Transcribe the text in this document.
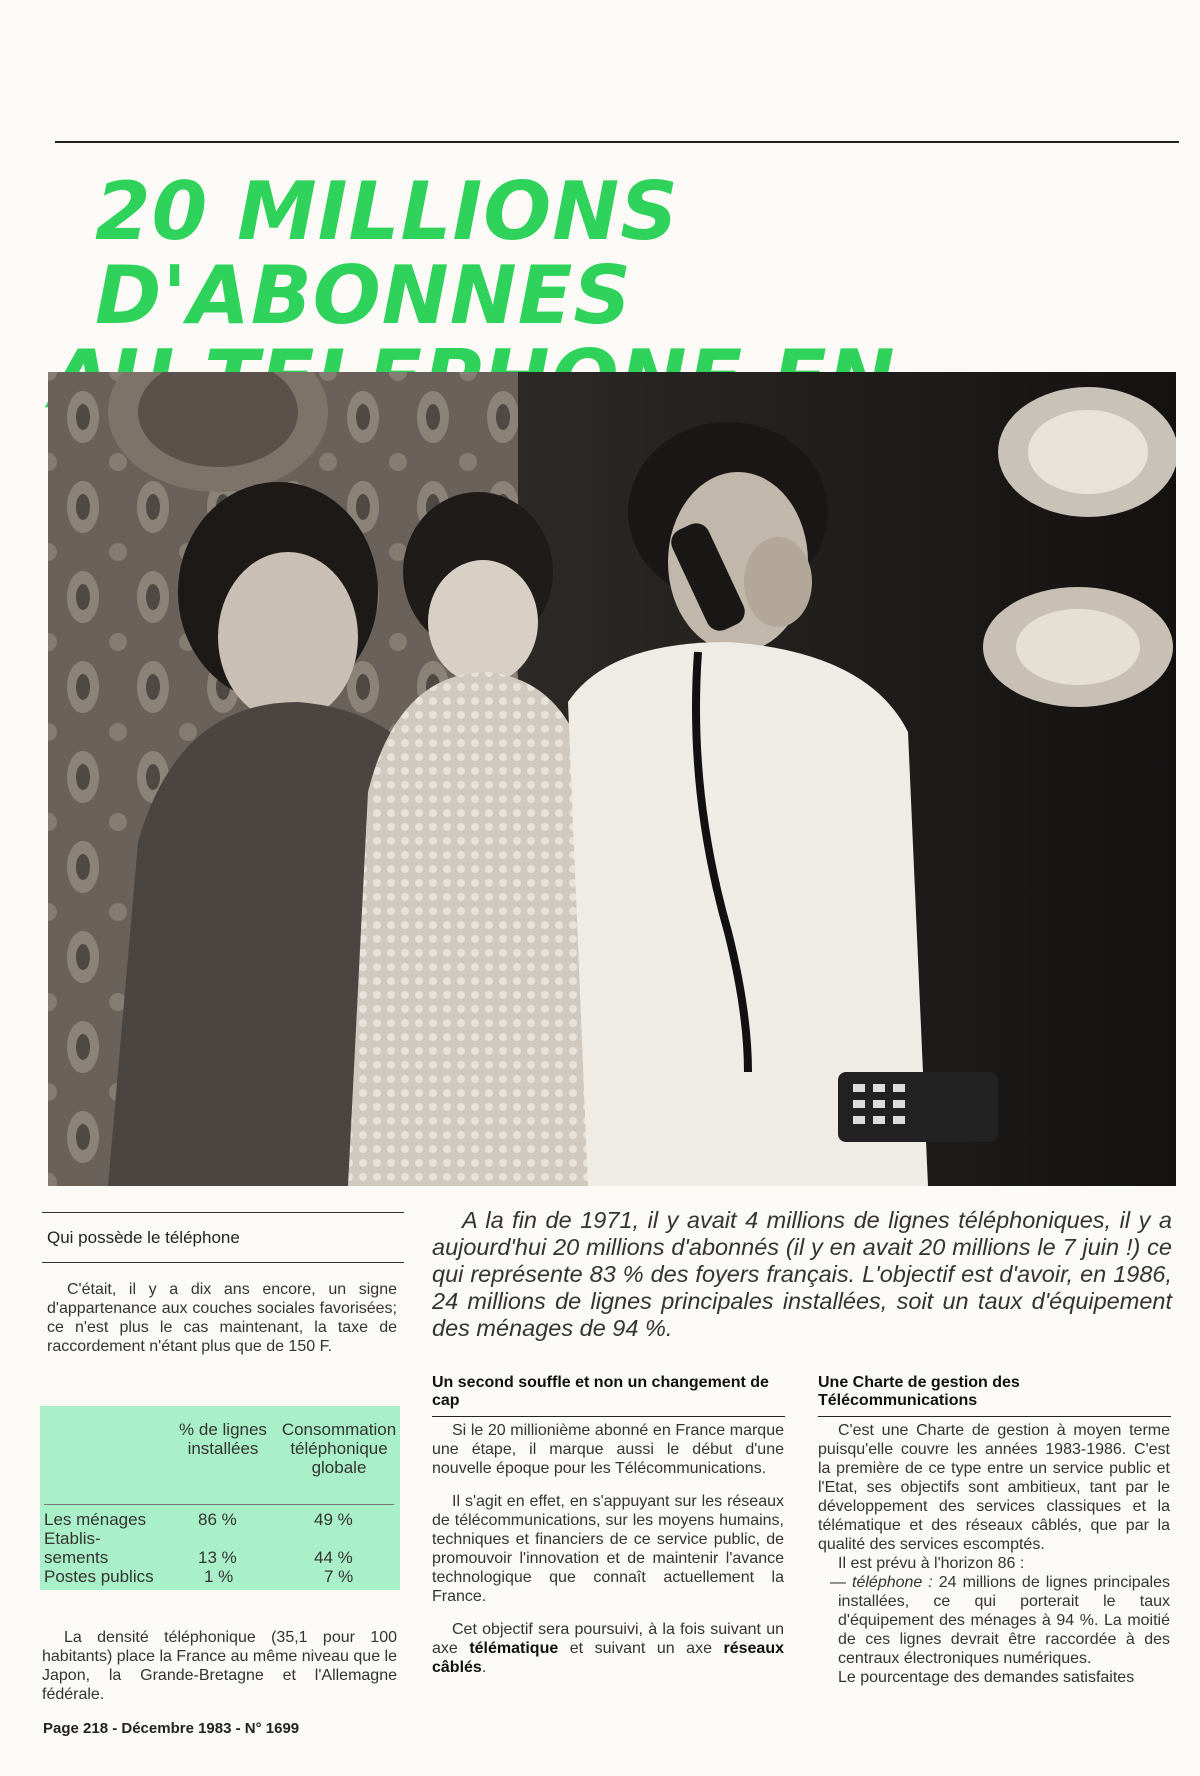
20 MILLIONS D'ABONNES
Qui possède le téléphone

C'était, il y a dix ans encore, un signe d'appartenance aux couches sociales favorisées; ce n'est plus le cas maintenant, la taxe de raccordement n'étant plus que de 150 F.

% de lignes installées
Consommation téléphonique globale
Les ménages	86 %	49 %
Etablis-
sements	13 %	44 %
Postes publics	1 %	7 %

La densité téléphonique (35,1 pour 100 habitants) place la France au même niveau que le Japon, la Grande-Bretagne et l'Allemagne fédérale.

Page 218 - Décembre 1983 - N° 1699
A la fin de 1971, il y avait 4 millions de lignes téléphoniques, il y a aujourd'hui 20 millions d'abonnés (il y en avait 20 millions le 7 juin !) ce qui représente 83 % des foyers français. L'objectif est d'avoir, en 1986, 24 millions de lignes principales installées, soit un taux d'équipement des ménages de 94 %.
Un second souffle et non un changement de cap

Si le 20 millionième abonné en France marque une étape, il marque aussi le début d'une nouvelle époque pour les Télécommunications.

Il s'agit en effet, en s'appuyant sur les réseaux de télécommunications, sur les moyens humains, techniques et financiers de ce service public, de promouvoir l'innovation et de maintenir l'avance technologique que connaît actuellement la France.

Cet objectif sera poursuivi, à la fois suivant un axe télématique et suivant un axe réseaux câblés.

Une Charte de gestion des Télécommunications

C'est une Charte de gestion à moyen terme puisqu'elle couvre les années 1983-1986. C'est la première de ce type entre un service public et l'Etat, ses objectifs sont ambitieux, tant par le développement des services classiques et la télématique et des réseaux câblés, que par la qualité des services escomptés.

Il est prévu à l'horizon 86 :

— téléphone : 24 millions de lignes principales installées, ce qui porterait le taux d'équipement des ménages à 94 %. La moitié de ces lignes devrait être raccordée à des centraux électroniques numériques.

Le pourcentage des demandes satisfaites
